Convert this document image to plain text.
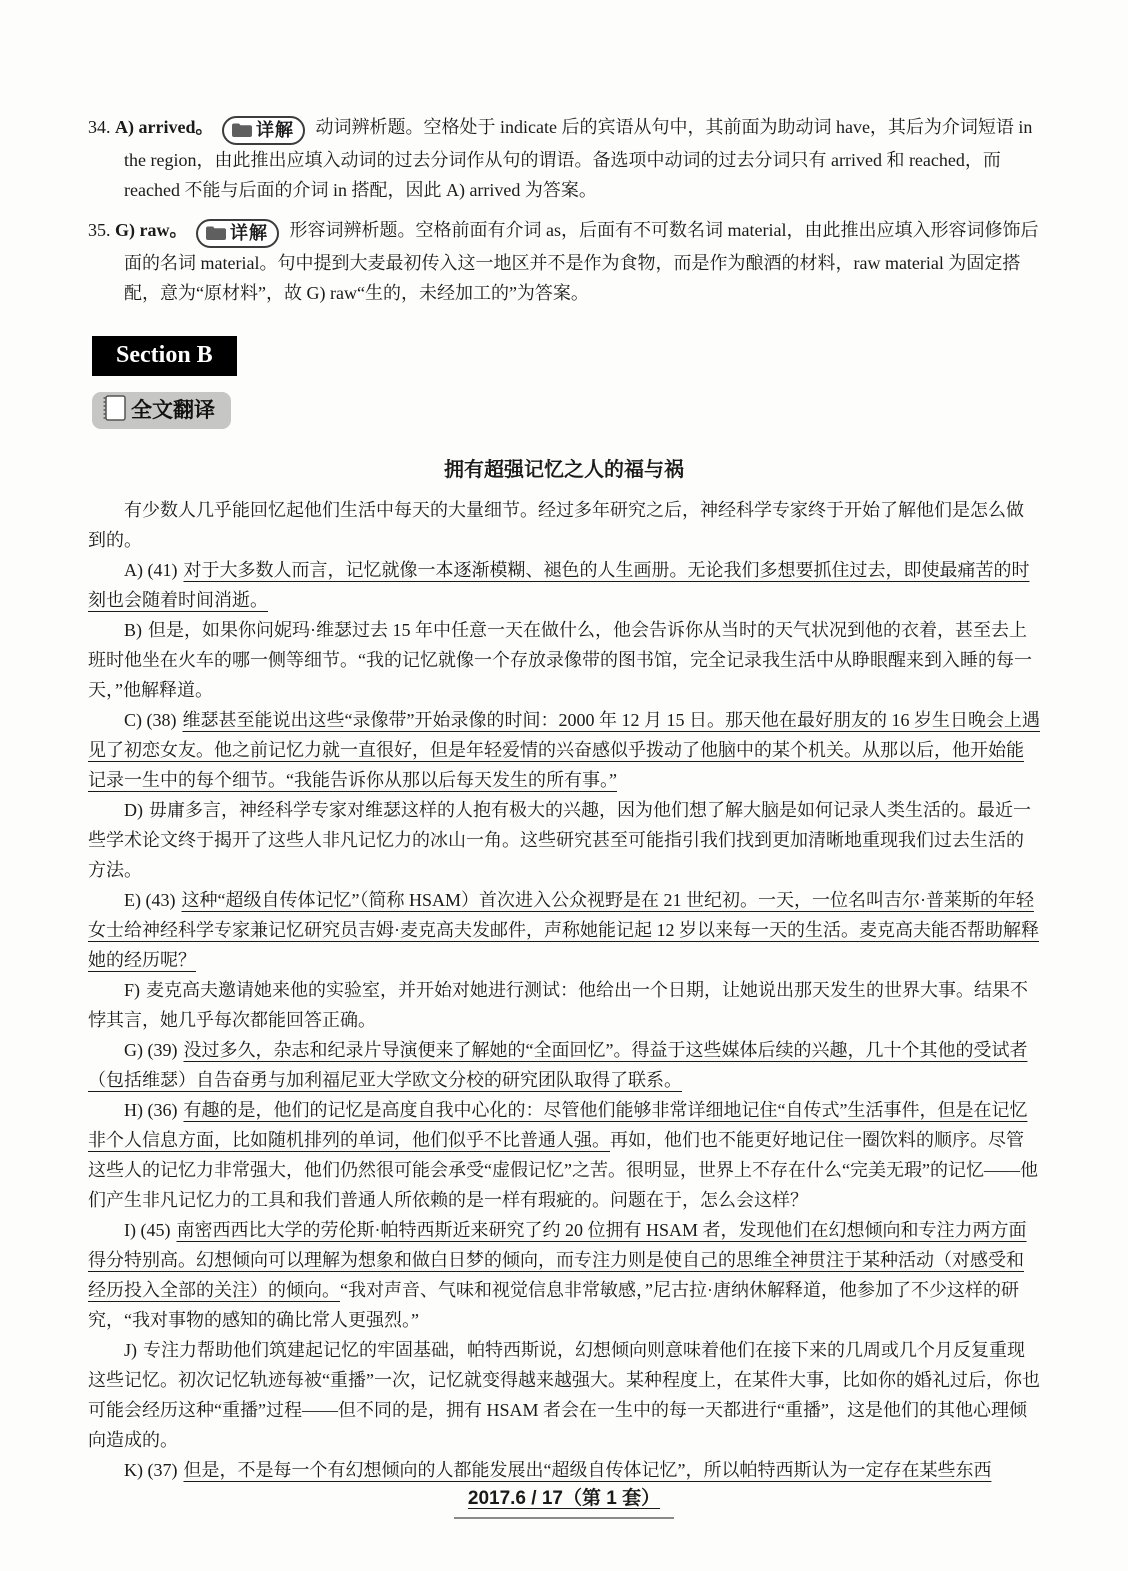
34. A) arrived。 详解 动词辨析题。空格处于 indicate 后的宾语从句中，其前面为助动词 have，其后为介词短语 in the region，由此推出应填入动词的过去分词作从句的谓语。备选项中动词的过去分词只有 arrived 和 reached，而 reached 不能与后面的介词 in 搭配，因此 A) arrived 为答案。
35. G) raw。 详解 形容词辨析题。空格前面有介词 as，后面有不可数名词 material，由此推出应填入形容词修饰后面的名词 material。句中提到大麦最初传入这一地区并不是作为食物，而是作为酿酒的材料，raw material 为固定搭配，意为“原材料”，故 G) raw“生的，未经加工的”为答案。
Section B
全文翻译
拥有超强记忆之人的福与祸

有少数人几乎能回忆起他们生活中每天的大量细节。经过多年研究之后，神经科学专家终于开始了解他们是怎么做到的。

A) (41) 对于大多数人而言，记忆就像一本逐渐模糊、褪色的人生画册。无论我们多想要抓住过去，即使最痛苦的时刻也会随着时间消逝。

B) 但是，如果你问妮玛·维瑟过去 15 年中任意一天在做什么，他会告诉你从当时的天气状况到他的衣着，甚至去上班时他坐在火车的哪一侧等细节。“我的记忆就像一个存放录像带的图书馆，完全记录我生活中从睁眼醒来到入睡的每一天，”他解释道。

C) (38) 维瑟甚至能说出这些“录像带”开始录像的时间：2000 年 12 月 15 日。那天他在最好朋友的 16 岁生日晚会上遇见了初恋女友。他之前记忆力就一直很好，但是年轻爱情的兴奋感似乎拨动了他脑中的某个机关。从那以后，他开始能记录一生中的每个细节。“我能告诉你从那以后每天发生的所有事。”

D) 毋庸多言，神经科学专家对维瑟这样的人抱有极大的兴趣，因为他们想了解大脑是如何记录人类生活的。最近一些学术论文终于揭开了这些人非凡记忆力的冰山一角。这些研究甚至可能指引我们找到更加清晰地重现我们过去生活的方法。

E) (43) 这种“超级自传体记忆”（简称 HSAM）首次进入公众视野是在 21 世纪初。一天，一位名叫吉尔·普莱斯的年轻女士给神经科学专家兼记忆研究员吉姆·麦克高夫发邮件，声称她能记起 12 岁以来每一天的生活。麦克高夫能否帮助解释她的经历呢？

F) 麦克高夫邀请她来他的实验室，并开始对她进行测试：他给出一个日期，让她说出那天发生的世界大事。结果不悖其言，她几乎每次都能回答正确。

G) (39) 没过多久，杂志和纪录片导演便来了解她的“全面回忆”。得益于这些媒体后续的兴趣，几十个其他的受试者（包括维瑟）自告奋勇与加利福尼亚大学欧文分校的研究团队取得了联系。

H) (36) 有趣的是，他们的记忆是高度自我中心化的：尽管他们能够非常详细地记住“自传式”生活事件，但是在记忆非个人信息方面，比如随机排列的单词，他们似乎不比普通人强。再如，他们也不能更好地记住一圈饮料的顺序。尽管这些人的记忆力非常强大，他们仍然很可能会承受“虚假记忆”之苦。很明显，世界上不存在什么“完美无瑕”的记忆——他们产生非凡记忆力的工具和我们普通人所依赖的是一样有瑕疵的。问题在于，怎么会这样？

I) (45) 南密西西比大学的劳伦斯·帕特西斯近来研究了约 20 位拥有 HSAM 者，发现他们在幻想倾向和专注力两方面得分特别高。幻想倾向可以理解为想象和做白日梦的倾向，而专注力则是使自己的思维全神贯注于某种活动（对感受和经历投入全部的关注）的倾向。“我对声音、气味和视觉信息非常敏感，”尼古拉·唐纳休解释道，他参加了不少这样的研究，“我对事物的感知的确比常人更强烈。”

J) 专注力帮助他们筑建起记忆的牢固基础，帕特西斯说，幻想倾向则意味着他们在接下来的几周或几个月反复重现这些记忆。初次记忆轨迹每被“重播”一次，记忆就变得越来越强大。某种程度上，在某件大事，比如你的婚礼过后，你也可能会经历这种“重播”过程——但不同的是，拥有 HSAM 者会在一生中的每一天都进行“重播”，这是他们的其他心理倾向造成的。

K) (37) 但是，不是每一个有幻想倾向的人都能发展出“超级自传体记忆”，所以帕特西斯认为一定存在某些东西

2017.6 / 17（第 1 套）
